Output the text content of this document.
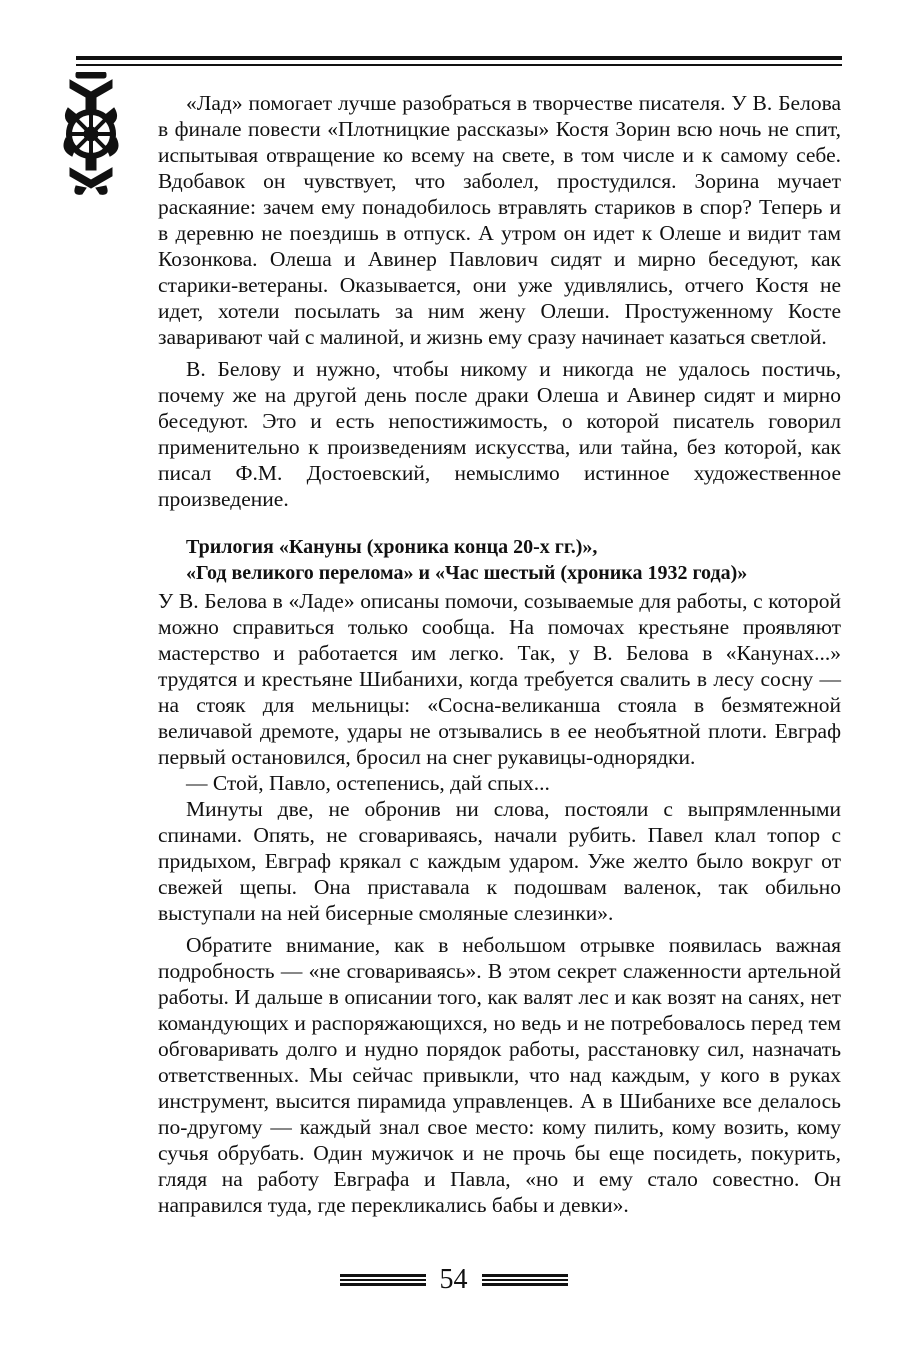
«Лад» помогает лучше разобраться в творчестве писателя. У В. Белова в финале повести «Плотницкие рассказы» Костя Зорин всю ночь не спит, испытывая отвращение ко всему на свете, в том числе и к самому себе. Вдобавок он чувствует, что заболел, простудился. Зорина мучает раскаяние: зачем ему понадобилось втравлять стариков в спор? Теперь и в деревню не поездишь в отпуск. А утром он идет к Олеше и видит там Козонкова. Олеша и Авинер Павлович сидят и мирно беседуют, как старики-ветераны. Оказывается, они уже удивлялись, отчего Костя не идет, хотели посылать за ним жену Олеши. Простуженному Косте заваривают чай с малиной, и жизнь ему сразу начинает казаться светлой.

В. Белову и нужно, чтобы никому и никогда не удалось постичь, почему же на другой день после драки Олеша и Авинер сидят и мирно беседуют. Это и есть непостижимость, о которой писатель говорил применительно к произведениям искусства, или тайна, без которой, как писал Ф.М. Достоевский, немыслимо истинное художественное произведение.

Трилогия «Кануны (хроника конца 20-х гг.)»,
«Год великого перелома» и «Час шестый (хроника 1932 года)»

У В. Белова в «Ладе» описаны помочи, созываемые для работы, с которой можно справиться только сообща. На помочах крестьяне проявляют мастерство и работается им легко. Так, у В. Белова в «Канунах...» трудятся и крестьяне Шибанихи, когда требуется свалить в лесу сосну — на стояк для мельницы: «Сосна-великанша стояла в безмятежной величавой дремоте, удары не отзывались в ее необъятной плоти. Евграф первый остановился, бросил на снег рукавицы-однорядки.

— Стой, Павло, остепенись, дай спых...

Минуты две, не обронив ни слова, постояли с выпрямленными спинами. Опять, не сговариваясь, начали рубить. Павел клал топор с придыхом, Евграф крякал с каждым ударом. Уже желто было вокруг от свежей щепы. Она приставала к подошвам валенок, так обильно выступали на ней бисерные смоляные слезинки».

Обратите внимание, как в небольшом отрывке появилась важная подробность — «не сговариваясь». В этом секрет слаженности артельной работы. И дальше в описании того, как валят лес и как возят на санях, нет командующих и распоряжающихся, но ведь и не потребовалось перед тем обговаривать долго и нудно порядок работы, расстановку сил, назначать ответственных. Мы сейчас привыкли, что над каждым, у кого в руках инструмент, высится пирамида управленцев. А в Шибанихе все делалось по-другому — каждый знал свое место: кому пилить, кому возить, кому сучья обрубать. Один мужичок и не прочь бы еще посидеть, покурить, глядя на работу Евграфа и Павла, «но и ему стало совестно. Он направился туда, где перекликались бабы и девки».

54
